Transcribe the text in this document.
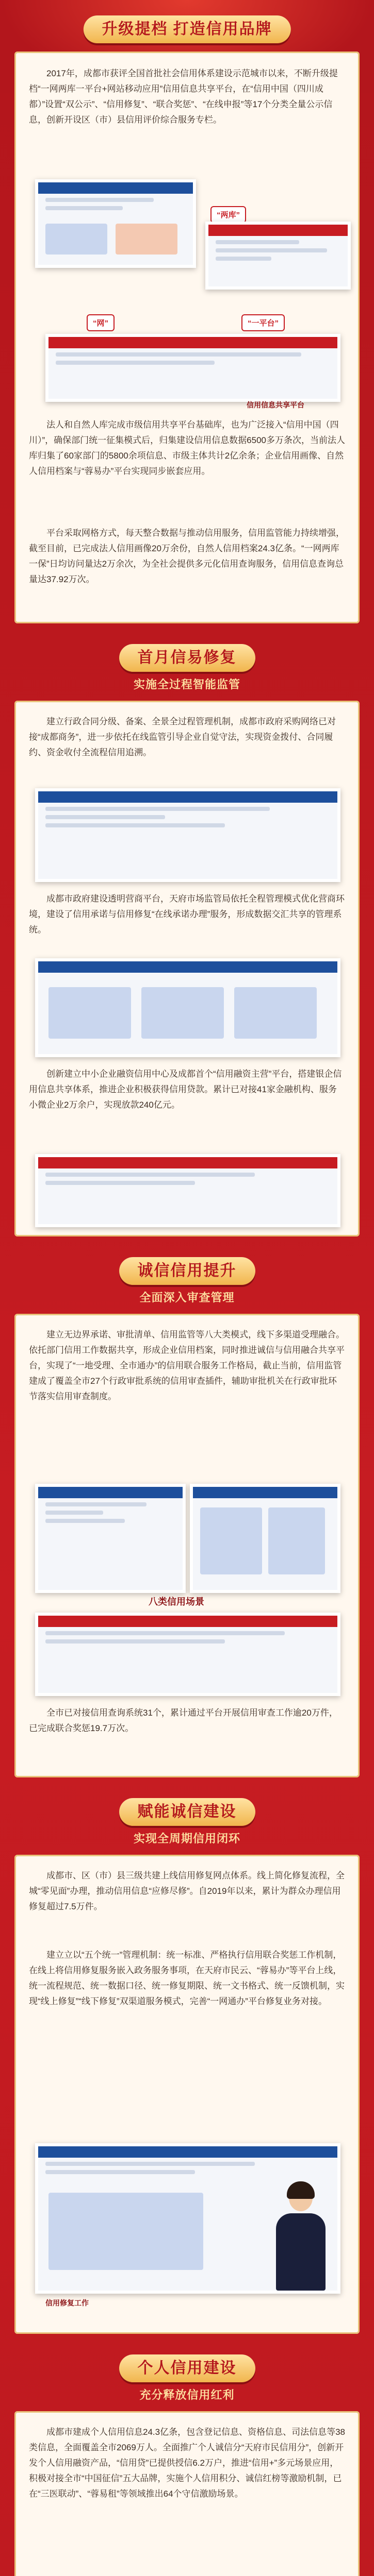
升级提档 打造信用品牌
2017年，成都市获评全国首批社会信用体系建设示范城市以来，不断升级提档“一网两库一平台+网站移动应用”信用信息共享平台，在“信用中国（四川成都）”设置“双公示”、“信用修复”、“联合奖惩”、“在线申报”等17个分类全量公示信息，创新开设区（市）县信用评价综合服务专栏。
“两库”
“网”	“一平台”
信用信息共享平台
法人和自然人库完成市级信用共享平台基础库，也为广泛接入“信用中国（四川）”，确保部门统一征集模式后，归集建设信用信息数据6500多万条次，当前法人库归集了60家部门的5800余项信息、市级主体共计2亿余条；企业信用画像、自然人信用档案与“蓉易办”平台实现同步嵌套应用。
平台采取网格方式，每天整合数据与推动信用服务，信用监管能力持续增强，截至目前，已完成法人信用画像20万余份，自然人信用档案24.3亿条。“一网两库一保”日均访问量达2万余次，为全社会提供多元化信用查询服务，信用信息查询总量达37.92万次。
首月信易修复
实施全过程智能监管
建立行政合同分级、备案、全景全过程管理机制，成都市政府采购网络已对接“成都商务”，进一步依托在线监管引导企业自觉守法，实现资金拨付、合同履约、资金收付全流程信用追溯。
成都市政府建设透明营商平台，天府市场监管局依托全程管理模式优化营商环境，建设了信用承诺与信用修复“在线承诺办理”服务，形成数据交汇共享的管理系统。
创新建立中小企业融资信用中心及成都首个“信用融资主营”平台，搭建银企信用信息共享体系，推进企业积极获得信用贷款。累计已对接41家金融机构、服务小微企业2万余户，实现放款240亿元。
诚信信用提升
全面深入审查管理
建立无边界承诺、审批清单、信用监管等八大类模式，线下多渠道受理融合。依托部门信用工作数据共享，形成企业信用档案，同时推进诚信与信用融合共享平台，实现了“一地受理、全市通办”的信用联合服务工作格局，截止当前，信用监管建成了覆盖全市27个行政审批系统的信用审查插件，辅助审批机关在行政审批环节落实信用审查制度。
八类信用场景
全市已对接信用查询系统31个，累计通过平台开展信用审查工作逾20万件，已完成联合奖惩19.7万次。
赋能诚信建设
实现全周期信用闭环
成都市、区（市）县三级共建上线信用修复网点体系。线上简化修复流程，全城“零见面”办理，推动信用信息“应修尽修”。自2019年以来，累计为群众办理信用修复超过7.5万件。
建立立以“五个统一”管理机制：统一标准、严格执行信用联合奖惩工作机制，在线上将信用修复服务嵌入政务服务事项，在天府市民云、“蓉易办”等平台上线，统一流程规范、统一数据口径、统一修复期限、统一文书格式、统一反馈机制，实现“线上修复”“线下修复”双渠道服务模式，完善“一网通办”平台修复业务对接。
信用修复工作
个人信用建设
充分释放信用红利
成都市建成个人信用信息24.3亿条，包含登记信息、资格信息、司法信息等38类信息，全面覆盖全市2069万人。全面推广个人诚信分“天府市民信用分”，创新开发个人信用融资产品，“信用贷”已提供授信6.2万户，推进“信用+”多元场景应用，积极对接全市“中国征信”五大品牌，实施个人信用积分、诚信红榜等激励机制，已在“三医联动”、“蓉易租”等领域推出64个守信激励场景。
